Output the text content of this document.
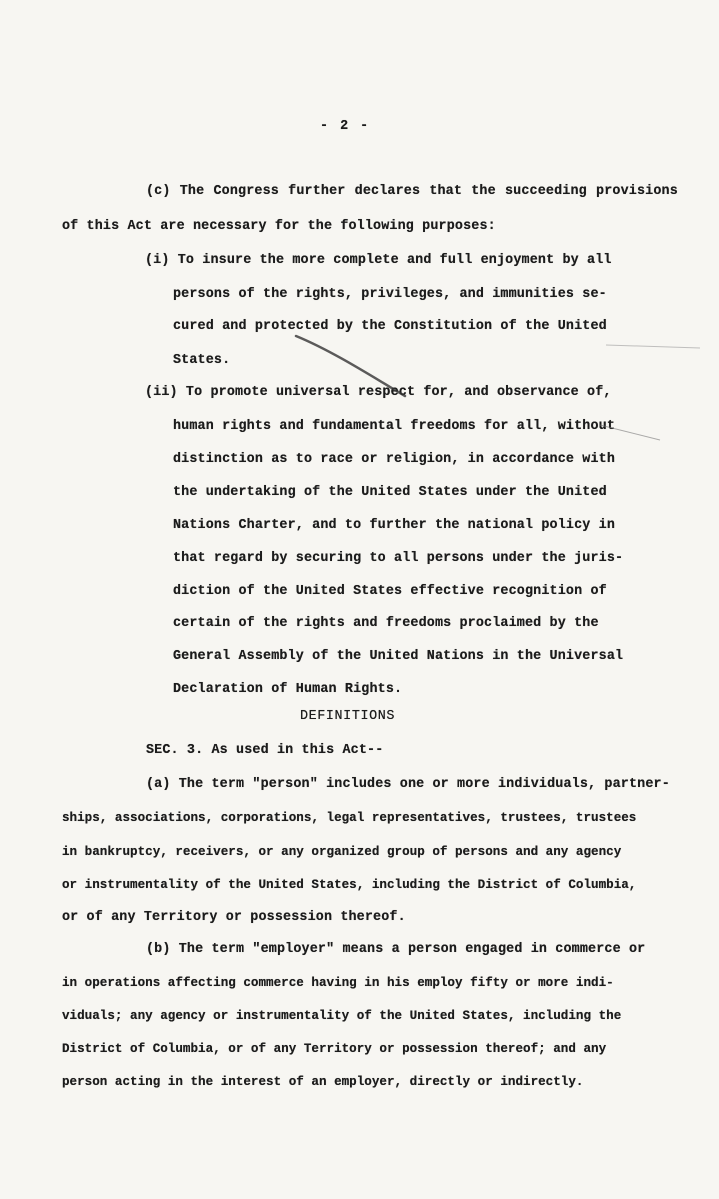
- 2 -
(c) The Congress further declares that the succeeding provisions
of this Act are necessary for the following purposes:
(i) To insure the more complete and full enjoyment by all
persons of the rights, privileges, and immunities se-
cured and protected by the Constitution of the United
States.
(ii) To promote universal respect for, and observance of,
human rights and fundamental freedoms for all, without
distinction as to race or religion, in accordance with
the undertaking of the United States under the United
Nations Charter, and to further the national policy in
that regard by securing to all persons under the juris-
diction of the United States effective recognition of
certain of the rights and freedoms proclaimed by the
General Assembly of the United Nations in the Universal
Declaration of Human Rights.
DEFINITIONS
SEC. 3. As used in this Act--
(a) The term "person" includes one or more individuals, partner-
ships, associations, corporations, legal representatives, trustees, trustees
in bankruptcy, receivers, or any organized group of persons and any agency
or instrumentality of the United States, including the District of Columbia,
or of any Territory or possession thereof.
(b) The term "employer" means a person engaged in commerce or
in operations affecting commerce having in his employ fifty or more indi-
viduals; any agency or instrumentality of the United States, including the
District of Columbia, or of any Territory or possession thereof; and any
person acting in the interest of an employer, directly or indirectly.
